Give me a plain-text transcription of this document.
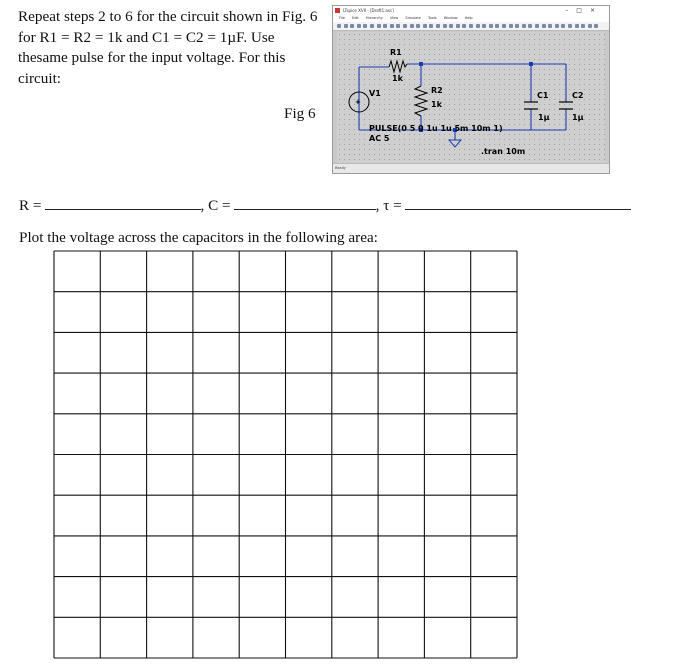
Repeat steps 2 to 6 for the circuit shown in Fig. 6
for R1 = R2 = 1k and C1 = C2 = 1µF. Use
thesame pulse for the input voltage. For this
circuit:
Fig 6
LTspice XVII - [Draft1.asc]	–□×
File Edit Hierarchy View Simulate Tools Window Help
+
R1
1k
R2
1k
V1	C1
1µ
C2
1µ
PULSE(0 5 0 1u 1u 5m 10m 1)
AC 5
.tran 10m
Ready
R =	, C =	, τ =
Plot the voltage across the capacitors in the following area:
